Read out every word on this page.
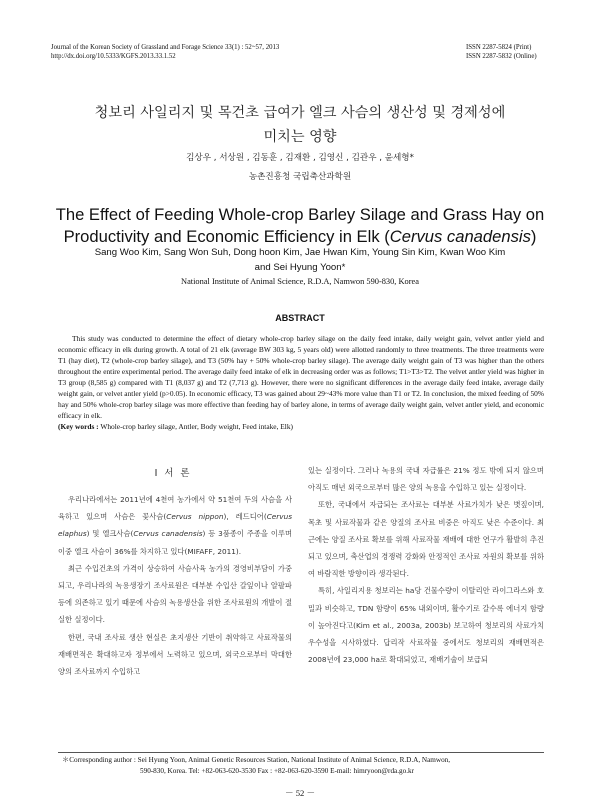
Journal of the Korean Society of Grassland and Forage Science 33(1) : 52~57, 2013
http://dx.doi.org/10.5333/KGFS.2013.33.1.52
ISSN 2287-5824 (Print)
ISSN 2287-5832 (Online)
청보리 사일리지 및 목건초 급여가 엘크 사슴의 생산성 및 경제성에
미치는 영향
김상우 , 서상원 , 김동훈 , 김재환 , 김영신 , 김관우 , 윤세형*
농촌진흥청 국립축산과학원
The Effect of Feeding Whole-crop Barley Silage and Grass Hay on
Productivity and Economic Efficiency in Elk (Cervus canadensis)
Sang Woo Kim, Sang Won Suh, Dong hoon Kim, Jae Hwan Kim, Young Sin Kim, Kwan Woo Kim
and Sei Hyung Yoon*
National Institute of Animal Science, R.D.A, Namwon 590-830, Korea
ABSTRACT

This study was conducted to determine the effect of dietary whole-crop barley silage on the daily feed intake, daily weight gain, velvet antler yield and economic efficacy in elk during growth. A total of 21 elk (average BW 303 kg, 5 years old) were allotted randomly to three treatments. The three treatments were T1 (hay diet), T2 (whole-crop barley silage), and T3 (50% hay + 50% whole-crop barley silage). The average daily weight gain of T3 was higher than the others throughout the entire experimental period. The average daily feed intake of elk in decreasing order was as follows; T1>T3>T2. The velvet antler yield was higher in T3 group (8,585 g) compared with T1 (8,037 g) and T2 (7,713 g). However, there were no significant differences in the average daily feed intake, average daily weight gain, or velvet antler yield (p>0.05). In economic efficacy, T3 was gained about 29~43% more value than T1 or T2. In conclusion, the mixed feeding of 50% hay and 50% whole-crop barley silage was more effective than feeding hay of barley alone, in terms of average daily weight gain, velvet antler yield, and economic efficacy in elk.

(Key words : Whole-crop barley silage, Antler, Body weight, Feed intake, Elk)
Ⅰ 서 론

우리나라에서는 2011년에 4천여 농가에서 약 51천여 두의 사슴을 사육하고 있으며 사슴은 꽃사슴(Cervus nippon), 레드디어(Cervus elaphus) 및 엘크사슴(Cervus canadensis) 등 3품종이 주종을 이루며 이중 엘크 사슴이 36%를 차지하고 있다(MIFAFF, 2011).

최근 수입건초의 가격이 상승하여 사슴사육 농가의 경영비부담이 가중되고, 우리나라의 녹용생장기 조사료원은 대부분 수입산 갈잎이나 알팔파 등에 의존하고 있기 때문에 사슴의 녹용생산을 위한 조사료원의 개발이 절실한 실정이다.

한편, 국내 조사료 생산 현실은 초지생산 기반이 취약하고 사료작물의 재배면적은 확대하고자 정부에서 노력하고 있으며, 외국으로부터 막대한 양의 조사료까지 수입하고

있는 실정이다. 그러나 녹용의 국내 자급률은 21% 정도 밖에 되지 않으며 아직도 매년 외국으로부터 많은 양의 녹용을 수입하고 있는 실정이다.

또한, 국내에서 자급되는 조사료는 대부분 사료가치가 낮은 볏짚이며, 목초 및 사료작물과 같은 양질의 조사료 비중은 아직도 낮은 수준이다. 최근에는 양질 조사료 확보를 위해 사료작물 재배에 대한 연구가 활발히 추진되고 있으며, 축산업의 경쟁력 강화와 안정적인 조사료 자원의 확보를 위하여 바람직한 방향이라 생각된다.

특히, 사일리지용 청보리는 ha당 건물수량이 이탈리안 라이그라스와 호밀과 비슷하고, TDN 함량이 65% 내외이며, 활수기로 갈수록 에너지 함량이 높아진다고(Kim et al., 2003a, 2003b) 보고하여 청보리의 사료가치 우수성을 시사하였다. 답리작 사료작물 중에서도 청보리의 재배면적은 2008년에 23,000 ha로 확대되었고, 재배기술이 보급되

＊Corresponding author : Sei Hyung Yoon, Animal Genetic Resources Station, National Institute of Animal Science, R.D.A, Namwon,
590-830, Korea. Tel: +82-063-620-3530 Fax : +82-063-620-3590 E-mail: himryoon@rda.go.kr
－ 52 －
